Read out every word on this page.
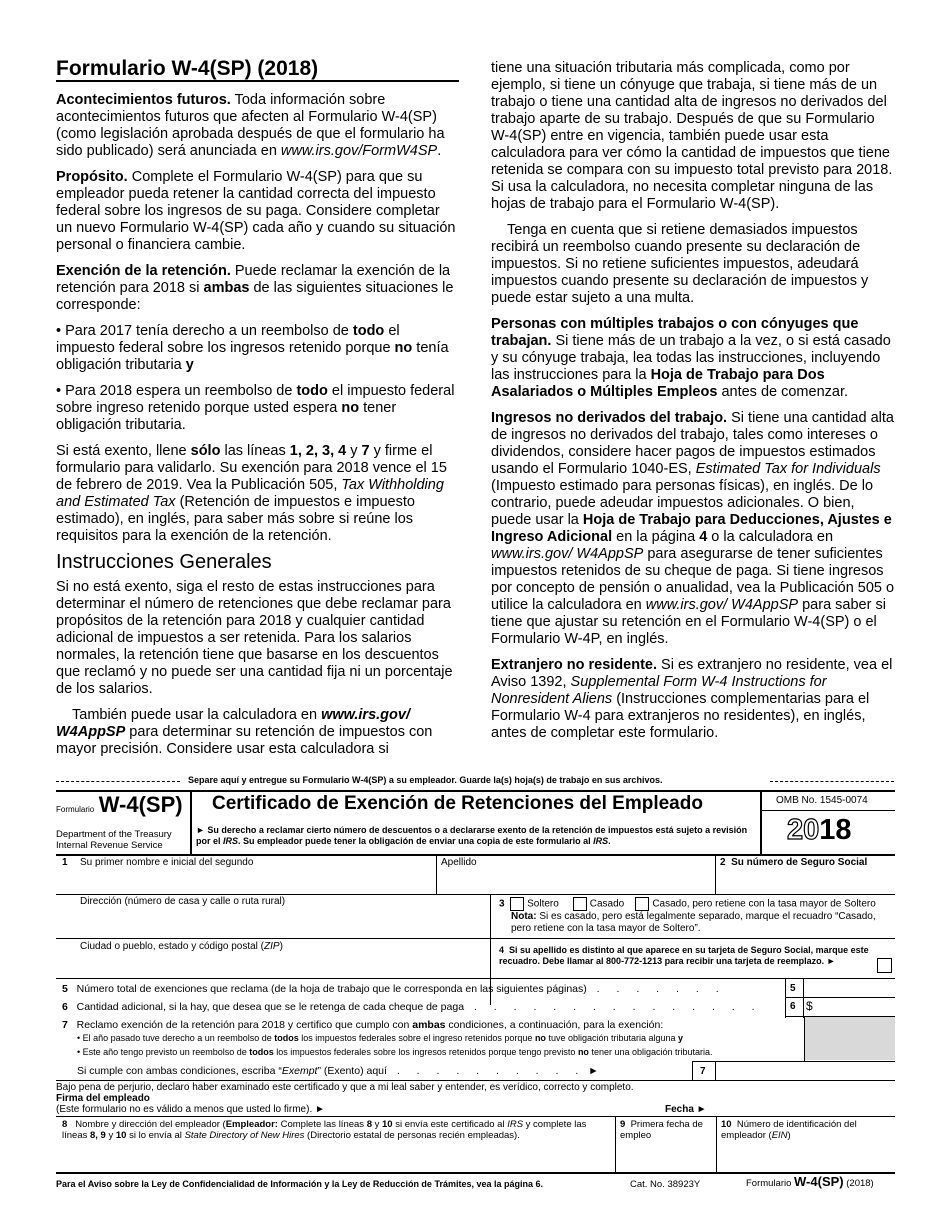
Formulario W-4(SP) (2018)

Acontecimientos futuros. Toda información sobre acontecimientos futuros que afecten al Formulario W-4(SP) (como legislación aprobada después de que el formulario ha sido publicado) será anunciada en www.irs.gov/FormW4SP.

Propósito. Complete el Formulario W-4(SP) para que su empleador pueda retener la cantidad correcta del impuesto federal sobre los ingresos de su paga. Considere completar un nuevo Formulario W-4(SP) cada año y cuando su situación personal o financiera cambie.

Exención de la retención. Puede reclamar la exención de la retención para 2018 si ambas de las siguientes situaciones le corresponde:

• Para 2017 tenía derecho a un reembolso de todo el impuesto federal sobre los ingresos retenido porque no tenía obligación tributaria y

• Para 2018 espera un reembolso de todo el impuesto federal sobre ingreso retenido porque usted espera no tener obligación tributaria.

Si está exento, llene sólo las líneas 1, 2, 3, 4 y 7 y firme el formulario para validarlo. Su exención para 2018 vence el 15 de febrero de 2019. Vea la Publicación 505, Tax Withholding and Estimated Tax (Retención de impuestos e impuesto estimado), en inglés, para saber más sobre si reúne los requisitos para la exención de la retención.

Instrucciones Generales

Si no está exento, siga el resto de estas instrucciones para determinar el número de retenciones que debe reclamar para propósitos de la retención para 2018 y cualquier cantidad adicional de impuestos a ser retenida. Para los salarios normales, la retención tiene que basarse en los descuentos que reclamó y no puede ser una cantidad fija ni un porcentaje de los salarios.

También puede usar la calculadora en www.irs.gov/ W4AppSP para determinar su retención de impuestos con mayor precisión. Considere usar esta calculadora si

tiene una situación tributaria más complicada, como por ejemplo, si tiene un cónyuge que trabaja, si tiene más de un trabajo o tiene una cantidad alta de ingresos no derivados del trabajo aparte de su trabajo. Después de que su Formulario W-4(SP) entre en vigencia, también puede usar esta calculadora para ver cómo la cantidad de impuestos que tiene retenida se compara con su impuesto total previsto para 2018. Si usa la calculadora, no necesita completar ninguna de las hojas de trabajo para el Formulario W-4(SP).

Tenga en cuenta que si retiene demasiados impuestos recibirá un reembolso cuando presente su declaración de impuestos. Si no retiene suficientes impuestos, adeudará impuestos cuando presente su declaración de impuestos y puede estar sujeto a una multa.

Personas con múltiples trabajos o con cónyuges que trabajan. Si tiene más de un trabajo a la vez, o si está casado y su cónyuge trabaja, lea todas las instrucciones, incluyendo las instrucciones para la Hoja de Trabajo para Dos Asalariados o Múltiples Empleos antes de comenzar.

Ingresos no derivados del trabajo. Si tiene una cantidad alta de ingresos no derivados del trabajo, tales como intereses o dividendos, considere hacer pagos de impuestos estimados usando el Formulario 1040-ES, Estimated Tax for Individuals (Impuesto estimado para personas físicas), en inglés. De lo contrario, puede adeudar impuestos adicionales. O bien, puede usar la Hoja de Trabajo para Deducciones, Ajustes e Ingreso Adicional en la página 4 o la calculadora en www.irs.gov/ W4AppSP para asegurarse de tener suficientes impuestos retenidos de su cheque de paga. Si tiene ingresos por concepto de pensión o anualidad, vea la Publicación 505 o utilice la calculadora en www.irs.gov/ W4AppSP para saber si tiene que ajustar su retención en el Formulario W-4(SP) o el Formulario W-4P, en inglés.

Extranjero no residente. Si es extranjero no residente, vea el Aviso 1392, Supplemental Form W-4 Instructions for Nonresident Aliens (Instrucciones complementarias para el Formulario W-4 para extranjeros no residentes), en inglés, antes de completar este formulario.

Separe aquí y entregue su Formulario W-4(SP) a su empleador. Guarde la(s) hoja(s) de trabajo en sus archivos.
Formulario W-4(SP)
Department of the Treasury
Internal Revenue Service
Certificado de Exención de Retenciones del Empleado
► Su derecho a reclamar cierto número de descuentos o a declararse exento de la retención de impuestos está sujeto a revisión por el IRS. Su empleador puede tener la obligación de enviar una copia de este formulario al IRS.
OMB No. 1545-0074
2018
1 Su primer nombre e inicial del segundo	Apellido	2 Su número de Seguro Social
Dirección (número de casa y calle o ruta rural)	3 Soltero	Casado	Casado, pero retiene con la tasa mayor de Soltero
Nota: Si es casado, pero está legalmente separado, marque el recuadro “Casado, pero retiene con la tasa mayor de Soltero”.
Ciudad o pueblo, estado y código postal (ZIP)	4 Si su apellido es distinto al que aparece en su tarjeta de Seguro Social, marque este recuadro. Debe llamar al 800-772-1213 para recibir una tarjeta de reemplazo. ►
5 Número total de exenciones que reclama (de la hoja de trabajo que le corresponda en las siguientes páginas) . . . . . . .	5
6 Cantidad adicional, si la hay, que desea que se le retenga de cada cheque de paga . . . . . . . . . . . . . . .	6 $
7 Reclamo exención de la retención para 2018 y certifico que cumplo con ambas condiciones, a continuación, para la exención:
• El año pasado tuve derecho a un reembolso de todos los impuestos federales sobre el ingreso retenidos porque no tuve obligación tributaria alguna y
• Este año tengo previsto un reembolso de todos los impuestos federales sobre los ingresos retenidos porque tengo previsto no tener una obligación tributaria.
Si cumple con ambas condiciones, escriba “Exempt” (Exento) aquí . . . . . . . . . . ►	7
Bajo pena de perjurio, declaro haber examinado este certificado y que a mi leal saber y entender, es verídico, correcto y completo.
Firma del empleado
(Este formulario no es válido a menos que usted lo firme). ►	Fecha ►
8 Nombre y dirección del empleador (Empleador: Complete las líneas 8 y 10 si envía este certificado al IRS y complete las líneas 8, 9 y 10 si lo envía al State Directory of New Hires (Directorio estatal de personas recién empleadas).
9 Primera fecha de empleo
10 Número de identificación del empleador (EIN)
Para el Aviso sobre la Ley de Confidencialidad de Información y la Ley de Reducción de Trámites, vea la página 6.	Cat. No. 38923Y	Formulario W-4(SP) (2018)
